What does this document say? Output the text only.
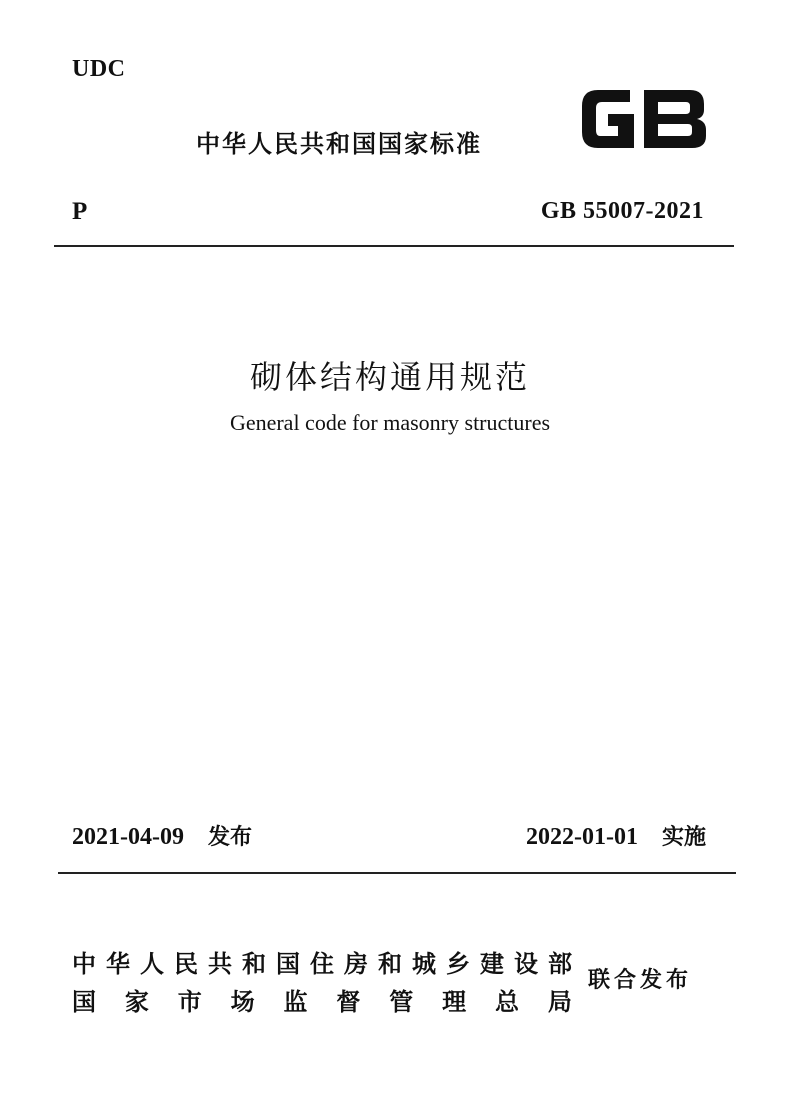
UDC
中华人民共和国国家标准
P	GB 55007-2021
砌体结构通用规范
General code for masonry structures
2021-04-09 发布	2022-01-01 实施
中华人民共和国住房和城乡建设部
国 家 市 场 监 督 管 理 总 局
联合发布
